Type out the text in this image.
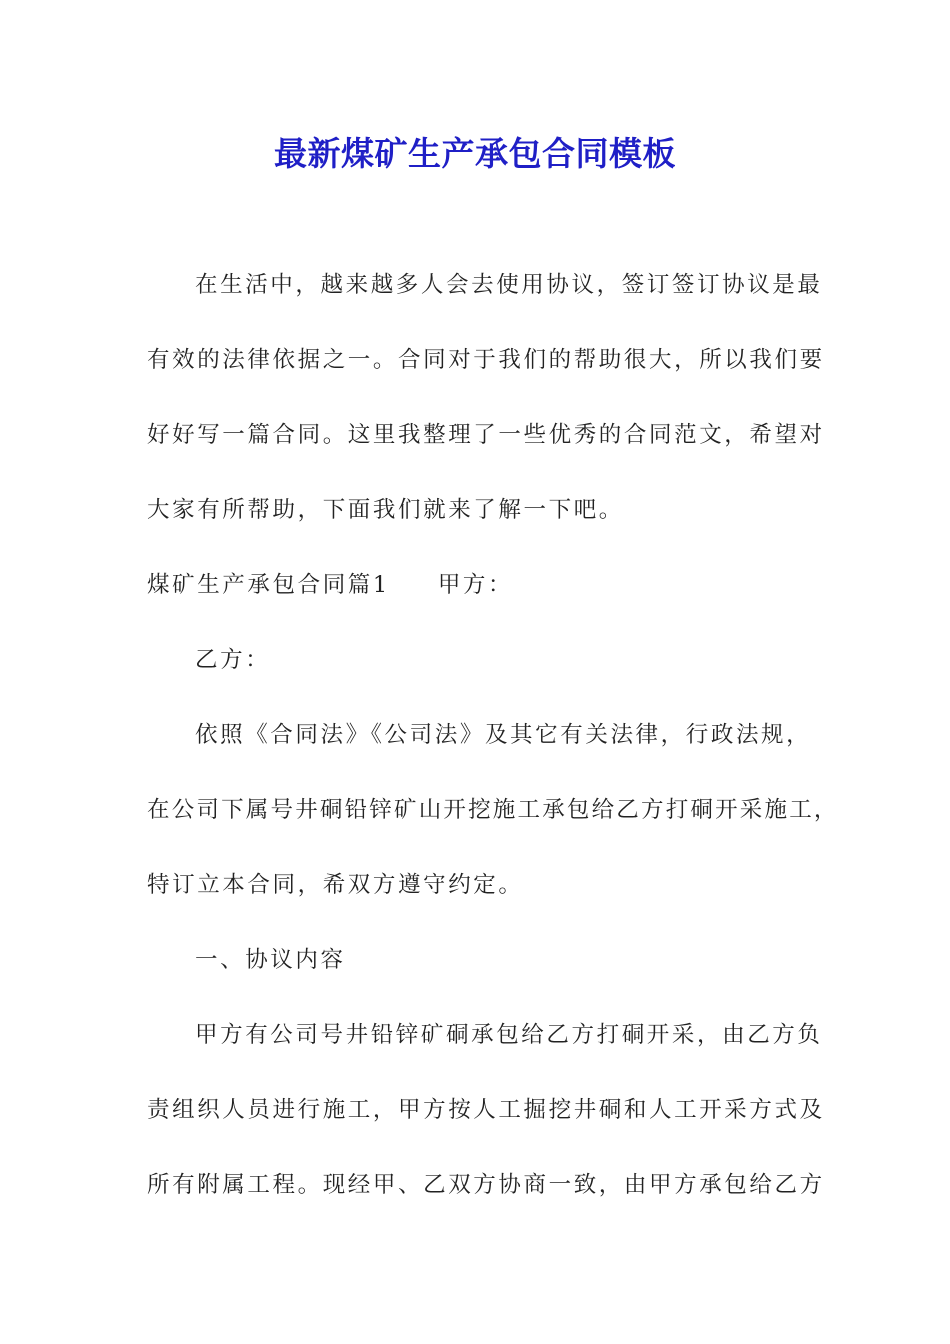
最新煤矿生产承包合同模板

在生活中，越来越多人会去使用协议，签订签订协议是最

有效的法律依据之一。合同对于我们的帮助很大，所以我们要

好好写一篇合同。这里我整理了一些优秀的合同范文，希望对

大家有所帮助，下面我们就来了解一下吧。

煤矿生产承包合同篇1 甲方：

乙方：

依照《合同法》《公司法》及其它有关法律，行政法规，

在公司下属号井硐铅锌矿山开挖施工承包给乙方打硐开采施工，

特订立本合同，希双方遵守约定。

一、协议内容

甲方有公司号井铅锌矿硐承包给乙方打硐开采，由乙方负

责组织人员进行施工，甲方按人工掘挖井硐和人工开采方式及

所有附属工程。现经甲、乙双方协商一致，由甲方承包给乙方
